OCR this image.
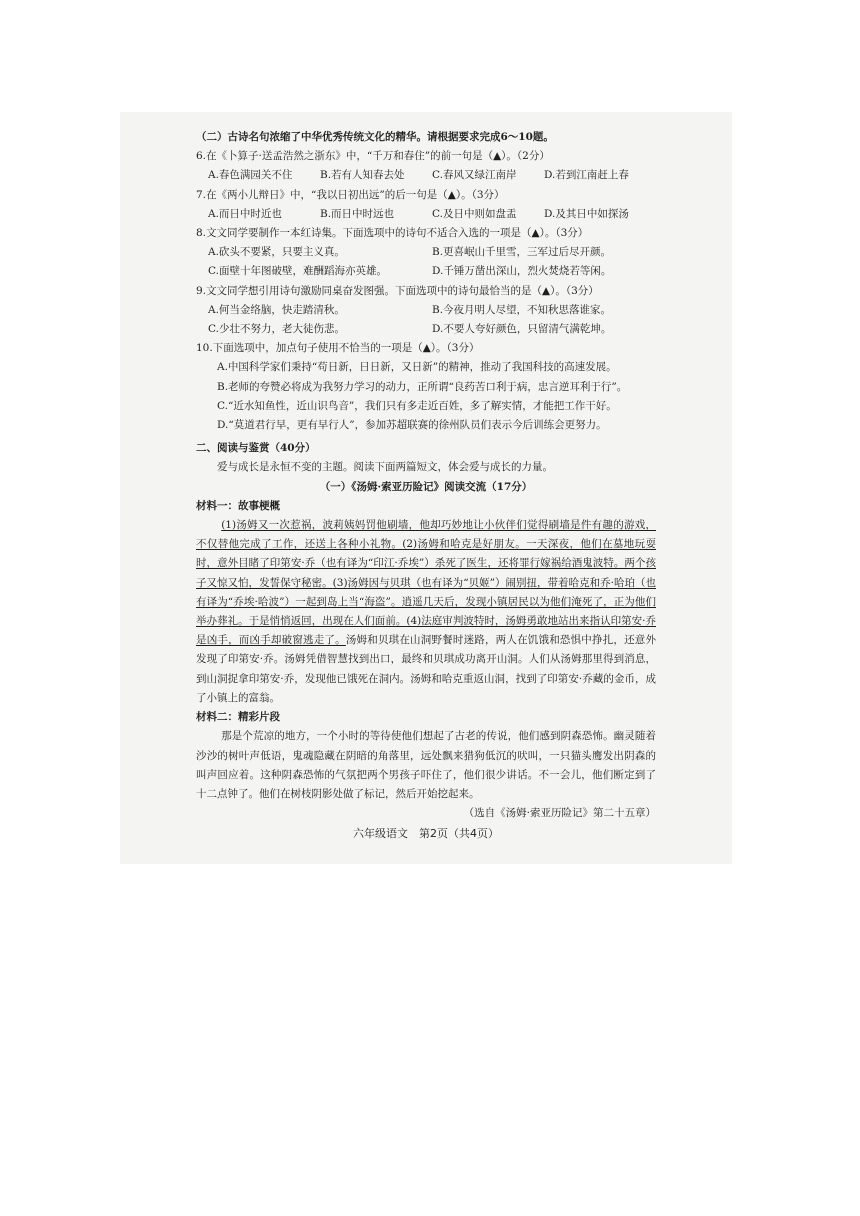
（二）古诗名句浓缩了中华优秀传统文化的精华。请根据要求完成6～10题。
6.在《卜算子·送孟浩然之浙东》中，“千万和春住”的前一句是（▲）。（2分）
A.春色满园关不住	B.若有人知春去处	C.春风又绿江南岸	D.若到江南赶上春
7.在《两小儿辩日》中，“我以日初出远”的后一句是（▲）。（3分）
A.而日中时近也	B.而日中时远也	C.及日中则如盘盂	D.及其日中如探汤
8.文文同学要制作一本红诗集。下面选项中的诗句不适合入选的一项是（▲）。（3分）
A.砍头不要紧，只要主义真。	B.更喜岷山千里雪，三军过后尽开颜。
C.面壁十年图破壁，难酬蹈海亦英雄。	D.千锤万凿出深山，烈火焚烧若等闲。
9.文文同学想引用诗句激励同桌奋发图强。下面选项中的诗句最恰当的是（▲）。（3分）
A.何当金络脑，快走踏清秋。	B.今夜月明人尽望，不知秋思落谁家。
C.少壮不努力，老大徒伤悲。	D.不要人夸好颜色，只留清气满乾坤。
10.下面选项中，加点句子使用不恰当的一项是（▲）。（3分）
A.中国科学家们秉持“苟日新，日日新，又日新”的精神，推动了我国科技的高速发展。
B.老师的夸赞必将成为我努力学习的动力，正所谓“良药苦口利于病，忠言逆耳利于行”。
C.“近水知鱼性，近山识鸟音”，我们只有多走近百姓，多了解实情，才能把工作干好。
D.“莫道君行早，更有早行人”，参加苏超联赛的徐州队员们表示今后训练会更努力。
二、阅读与鉴赏（40分）
爱与成长是永恒不变的主题。阅读下面两篇短文，体会爱与成长的力量。
（一）《汤姆·索亚历险记》阅读交流（17分）
材料一：故事梗概
(1)汤姆又一次惹祸，波莉姨妈罚他刷墙，他却巧妙地让小伙伴们觉得刷墙是件有趣的游戏，不仅替他完成了工作，还送上各种小礼物。(2)汤姆和哈克是好朋友。一天深夜，他们在墓地玩耍时，意外目睹了印第安·乔（也有译为“印江·乔埃”）杀死了医生，还将罪行嫁祸给酒鬼波特。两个孩子又惊又怕，发誓保守秘密。(3)汤姆因与贝琪（也有译为“贝姬”）闹别扭，带着哈克和乔·哈珀（也有译为“乔埃·哈波”）一起到岛上当“海盗”。逍遥几天后，发现小镇居民以为他们淹死了，正为他们举办葬礼。于是悄悄返回，出现在人们面前。(4)法庭审判波特时，汤姆勇敢地站出来指认印第安·乔是凶手，而凶手却破窗逃走了。汤姆和贝琪在山洞野餐时迷路，两人在饥饿和恐惧中挣扎，还意外发现了印第安·乔。汤姆凭借智慧找到出口，最终和贝琪成功离开山洞。人们从汤姆那里得到消息，到山洞捉拿印第安·乔，发现他已饿死在洞内。汤姆和哈克重返山洞，找到了印第安·乔藏的金币，成了小镇上的富翁。
材料二：精彩片段
那是个荒凉的地方，一个小时的等待使他们想起了古老的传说，他们感到阴森恐怖。幽灵随着沙沙的树叶声低语，鬼魂隐藏在阴暗的角落里，远处飘来猎狗低沉的吠叫，一只猫头鹰发出阴森的叫声回应着。这种阴森恐怖的气氛把两个男孩子吓住了，他们很少讲话。不一会儿，他们断定到了十二点钟了。他们在树枝阴影处做了标记，然后开始挖起来。
（选自《汤姆·索亚历险记》第二十五章）
六年级语文　第2页（共4页）
